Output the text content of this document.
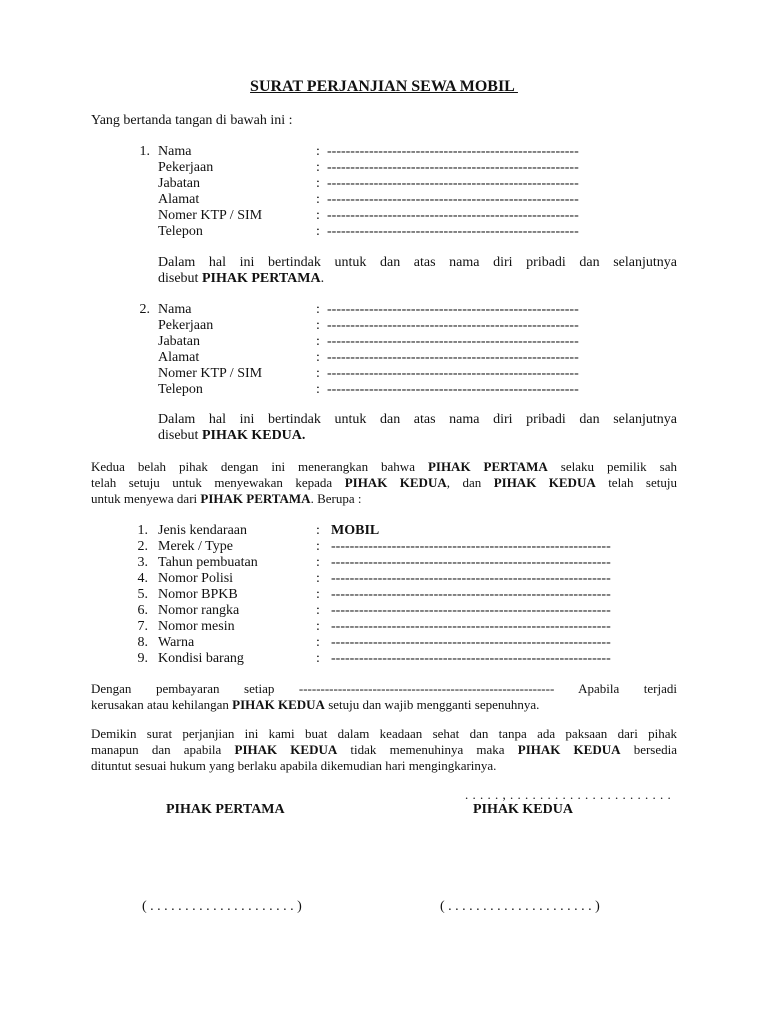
SURAT PERJANJIAN SEWA MOBIL
Yang bertanda tangan di bawah ini :
1. Nama	: ------------------------------------------------------
Pekerjaan	: ------------------------------------------------------
Jabatan	: ------------------------------------------------------
Alamat	: ------------------------------------------------------
Nomer KTP / SIM	: ------------------------------------------------------
Telepon	: ------------------------------------------------------
Dalam hal ini bertindak untuk dan atas nama diri pribadi dan selanjutnya
disebut PIHAK PERTAMA.
2. Nama	: ------------------------------------------------------
Pekerjaan	: ------------------------------------------------------
Jabatan	: ------------------------------------------------------
Alamat	: ------------------------------------------------------
Nomer KTP / SIM	: ------------------------------------------------------
Telepon	: ------------------------------------------------------
Dalam hal ini bertindak untuk dan atas nama diri pribadi dan selanjutnya
disebut PIHAK KEDUA.
Kedua belah pihak dengan ini menerangkan bahwa PIHAK PERTAMA selaku pemilik sah
telah setuju untuk menyewakan kepada PIHAK KEDUA, dan PIHAK KEDUA telah setuju
untuk menyewa dari PIHAK PERTAMA. Berupa :
1. Jenis kendaraan	: MOBIL
2. Merek / Type	: ------------------------------------------------------------
3. Tahun pembuatan	: ------------------------------------------------------------
4. Nomor Polisi	: ------------------------------------------------------------
5. Nomor BPKB	: ------------------------------------------------------------
6. Nomor rangka	: ------------------------------------------------------------
7. Nomor mesin	: ------------------------------------------------------------
8. Warna	: ------------------------------------------------------------
9. Kondisi barang	: ------------------------------------------------------------
Dengan pembayaran setiap ----------------------------------------------------------- Apabila terjadi
kerusakan atau kehilangan PIHAK KEDUA setuju dan wajib mengganti sepenuhnya.
Demikin surat perjanjian ini kami buat dalam keadaan sehat dan tanpa ada paksaan dari pihak
manapun dan apabila PIHAK KEDUA tidak memenuhinya maka PIHAK KEDUA bersedia
dituntut sesuai hukum yang berlaku apabila dikemudian hari mengingkarinya.
. . . . . , . . . . . . . . . . . . . . . . . . . . . .
PIHAK PERTAMA	PIHAK KEDUA
( . . . . . . . . . . . . . . . . . . . . . )	( . . . . . . . . . . . . . . . . . . . . . )
